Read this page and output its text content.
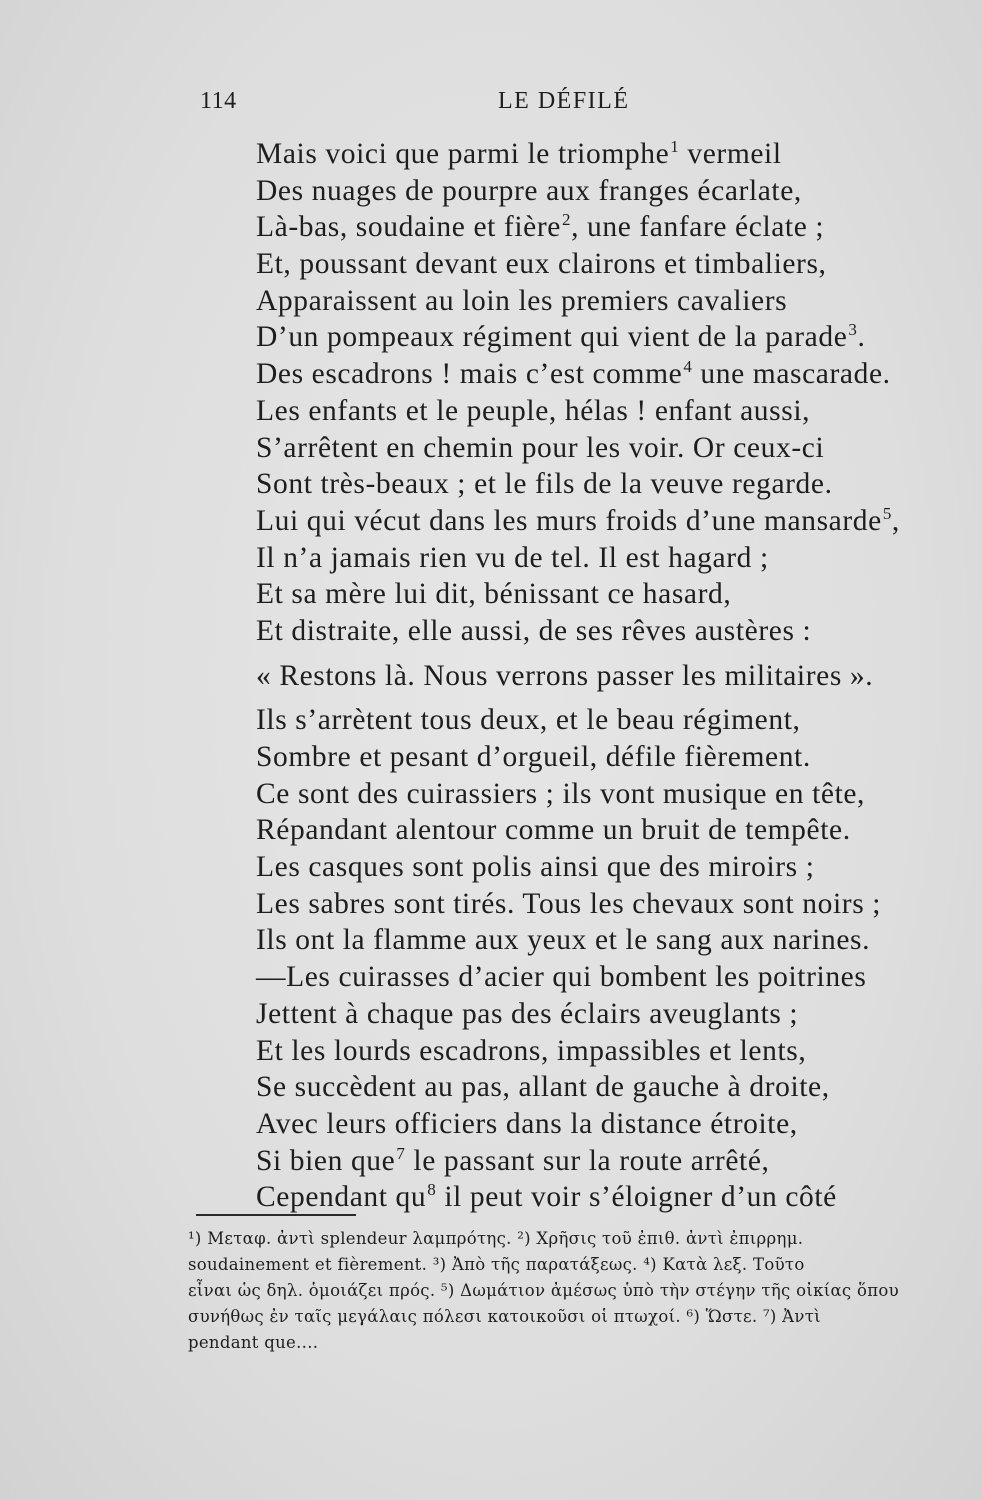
114	LE DÉFILÉ
Mais voici que parmi le triomphe$^1$ vermeil
Des nuages de pourpre aux franges écarlate,
Là-bas, soudaine et fière$^2$, une fanfare éclate ;
Et, poussant devant eux clairons et timbaliers,
Apparaissent au loin les premiers cavaliers
D’un pompeaux régiment qui vient de la parade$^3$.
Des escadrons ! mais c’est comme$^4$ une mascarade.
Les enfants et le peuple, hélas ! enfant aussi,
S’arrêtent en chemin pour les voir. Or ceux-ci
Sont très-beaux ; et le fils de la veuve regarde.
Lui qui vécut dans les murs froids d’une mansarde$^5$,
Il n’a jamais rien vu de tel. Il est hagard ;
Et sa mère lui dit, bénissant ce hasard,
Et distraite, elle aussi, de ses rêves austères :
« Restons là. Nous verrons passer les militaires ».
Ils s’arrètent tous deux, et le beau régiment,
Sombre et pesant d’orgueil, défile fièrement.
Ce sont des cuirassiers ; ils vont musique en tête,
Répandant alentour comme un bruit de tempête.
Les casques sont polis ainsi que des miroirs ;
Les sabres sont tirés. Tous les chevaux sont noirs ;
Ils ont la flamme aux yeux et le sang aux narines.
—Les cuirasses d’acier qui bombent les poitrines
Jettent à chaque pas des éclairs aveuglants ;
Et les lourds escadrons, impassibles et lents,
Se succèdent au pas, allant de gauche à droite,
Avec leurs officiers dans la distance étroite,
Si bien que$^7$ le passant sur la route arrêté,
Cependant qu$^8$ il peut voir s’éloigner d’un côté
¹) Μεταφ. ἀντὶ splendeur λαμπρότης. ²) Χρῆσις τοῦ ἐπιθ. ἀντὶ ἐπιρρημ.
soudainement et fièrement. ³) Ἀπὸ τῆς παρατάξεως. ⁴) Κατὰ λεξ. Τοῦτο
εἶναι ὡς δηλ. ὁμοιάζει πρός. ⁵) Δωμάτιον ἀμέσως ὑπὸ τὴν στέγην τῆς οἰκίας ὅπου
συνήθως ἐν ταῖς μεγάλαις πόλεσι κατοικοῦσι οἱ πτωχοί. ⁶) Ὥστε. ⁷) Ἀντὶ
pendant que....
